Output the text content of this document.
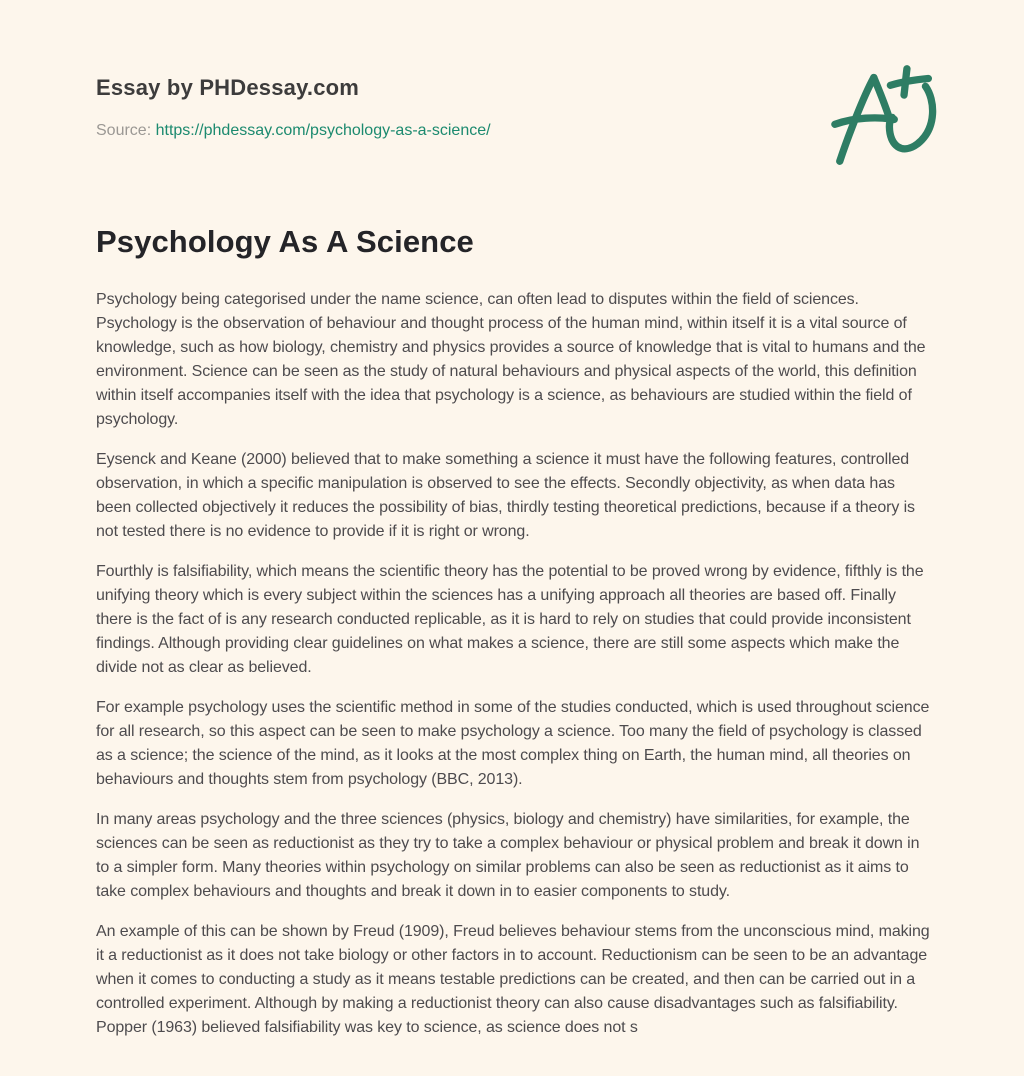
Essay by PHDessay.com
Source: https://phdessay.com/psychology-as-a-science/
Psychology As A Science

Psychology being categorised under the name science, can often lead to disputes within the field of sciences. Psychology is the observation of behaviour and thought process of the human mind, within itself it is a vital source of knowledge, such as how biology, chemistry and physics provides a source of knowledge that is vital to humans and the environment. Science can be seen as the study of natural behaviours and physical aspects of the world, this definition within itself accompanies itself with the idea that psychology is a science, as behaviours are studied within the field of psychology.

Eysenck and Keane (2000) believed that to make something a science it must have the following features, controlled observation, in which a specific manipulation is observed to see the effects. Secondly objectivity, as when data has been collected objectively it reduces the possibility of bias, thirdly testing theoretical predictions, because if a theory is not tested there is no evidence to provide if it is right or wrong.

Fourthly is falsifiability, which means the scientific theory has the potential to be proved wrong by evidence, fifthly is the unifying theory which is every subject within the sciences has a unifying approach all theories are based off. Finally there is the fact of is any research conducted replicable, as it is hard to rely on studies that could provide inconsistent findings. Although providing clear guidelines on what makes a science, there are still some aspects which make the divide not as clear as believed.

For example psychology uses the scientific method in some of the studies conducted, which is used throughout science for all research, so this aspect can be seen to make psychology a science. Too many the field of psychology is classed as a science; the science of the mind, as it looks at the most complex thing on Earth, the human mind, all theories on behaviours and thoughts stem from psychology (BBC, 2013).

In many areas psychology and the three sciences (physics, biology and chemistry) have similarities, for example, the sciences can be seen as reductionist as they try to take a complex behaviour or physical problem and break it down in to a simpler form. Many theories within psychology on similar problems can also be seen as reductionist as it aims to take complex behaviours and thoughts and break it down in to easier components to study.

An example of this can be shown by Freud (1909), Freud believes behaviour stems from the unconscious mind, making it a reductionist as it does not take biology or other factors in to account. Reductionism can be seen to be an advantage when it comes to conducting a study as it means testable predictions can be created, and then can be carried out in a controlled experiment. Although by making a reductionist theory can also cause disadvantages such as falsifiability. Popper (1963) believed falsifiability was key to science, as science does not s
